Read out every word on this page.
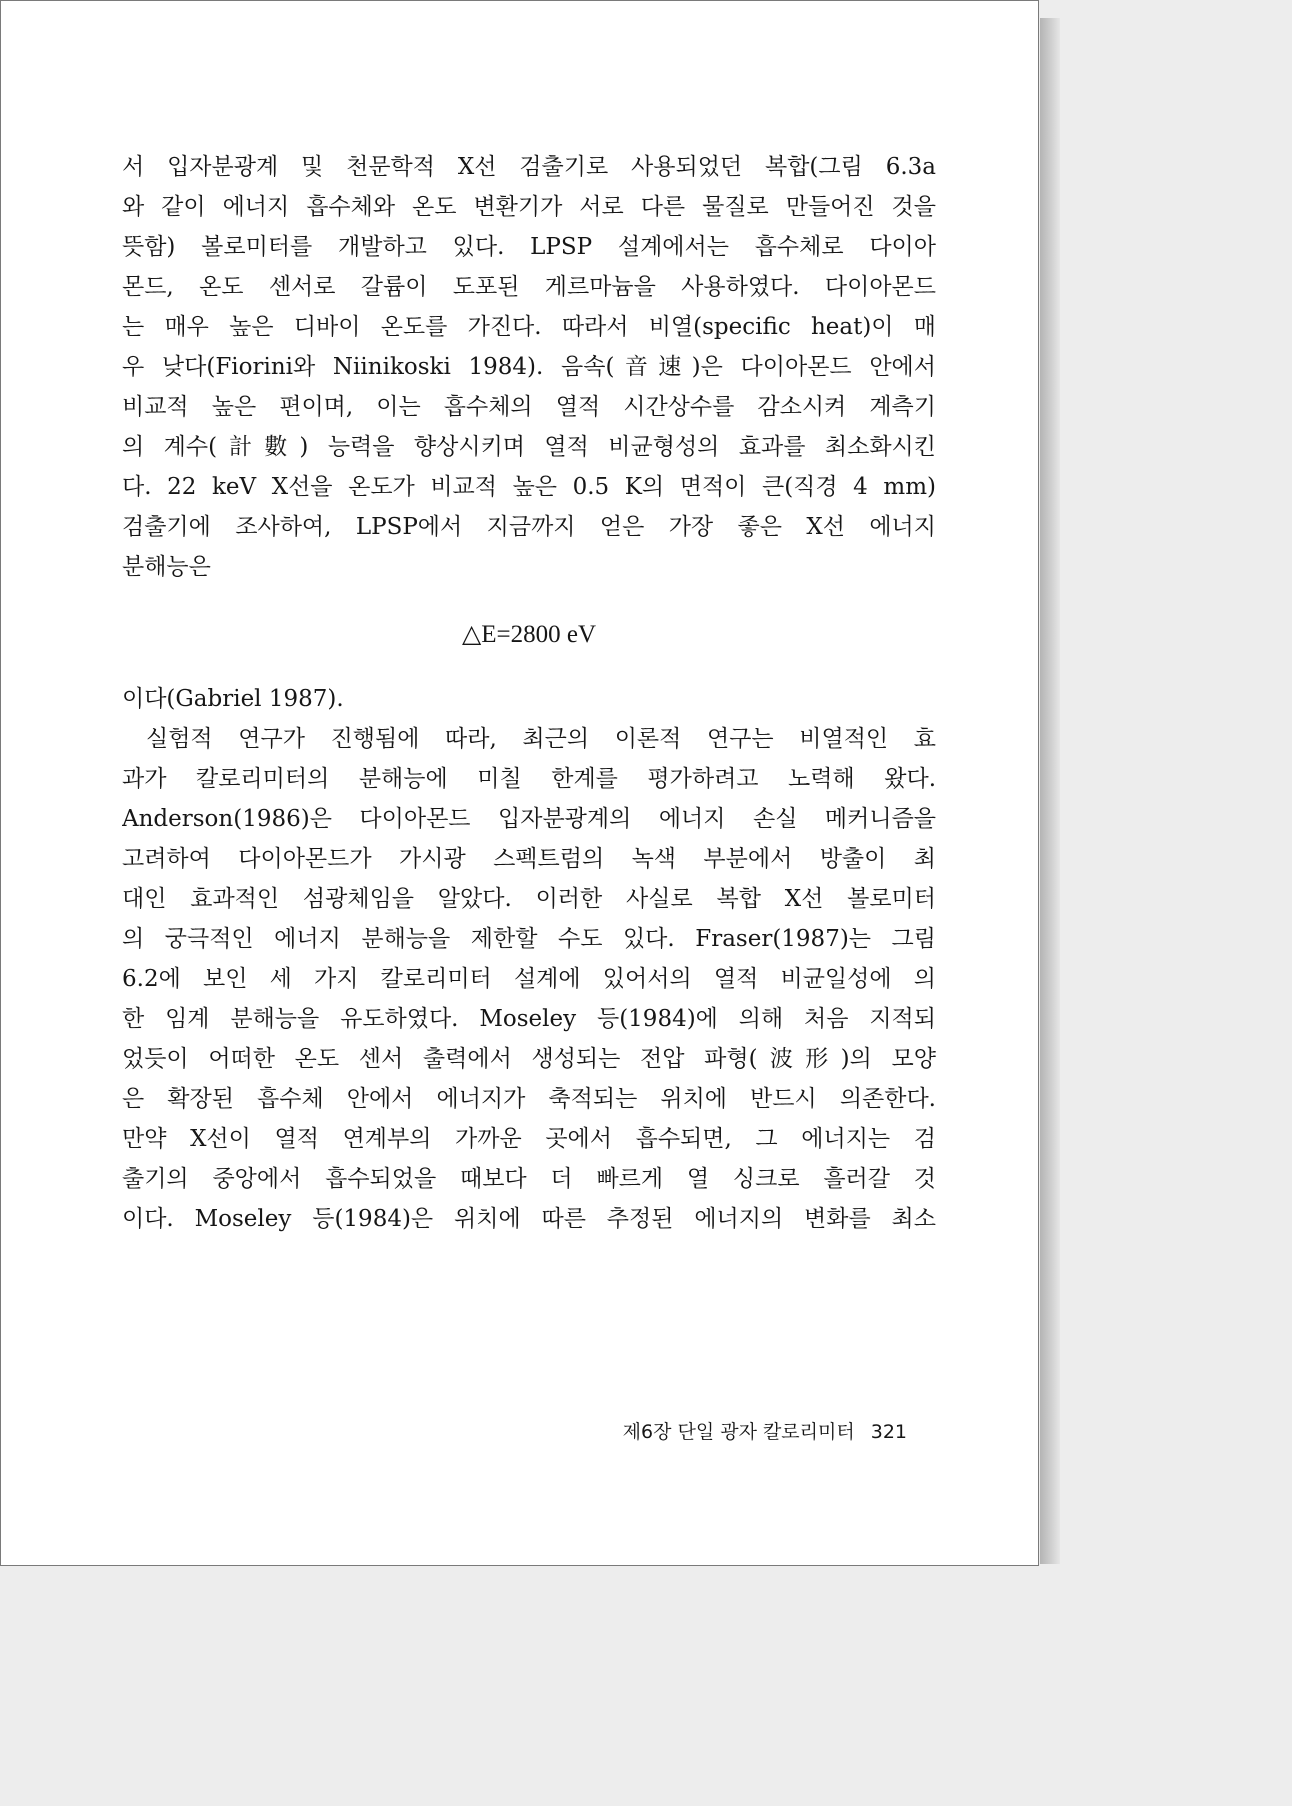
서 입자분광계 및 천문학적 X선 검출기로 사용되었던 복합(그림 6.3a
와 같이 에너지 흡수체와 온도 변환기가 서로 다른 물질로 만들어진 것을
뜻함) 볼로미터를 개발하고 있다. LPSP 설계에서는 흡수체로 다이아
몬드, 온도 센서로 갈륨이 도포된 게르마늄을 사용하였다. 다이아몬드
는 매우 높은 디바이 온도를 가진다. 따라서 비열(specific heat)이 매
우 낮다(Fiorini와 Niinikoski 1984). 음속(音速)은 다이아몬드 안에서
비교적 높은 편이며, 이는 흡수체의 열적 시간상수를 감소시켜 계측기
의 계수(計數) 능력을 향상시키며 열적 비균형성의 효과를 최소화시킨
다. 22 keV X선을 온도가 비교적 높은 0.5 K의 면적이 큰(직경 4 mm)
검출기에 조사하여, LPSP에서 지금까지 얻은 가장 좋은 X선 에너지
분해능은
△E=2800 eV
이다(Gabriel 1987).
실험적 연구가 진행됨에 따라, 최근의 이론적 연구는 비열적인 효
과가 칼로리미터의 분해능에 미칠 한계를 평가하려고 노력해 왔다.
Anderson(1986)은 다이아몬드 입자분광계의 에너지 손실 메커니즘을
고려하여 다이아몬드가 가시광 스펙트럼의 녹색 부분에서 방출이 최
대인 효과적인 섬광체임을 알았다. 이러한 사실로 복합 X선 볼로미터
의 궁극적인 에너지 분해능을 제한할 수도 있다. Fraser(1987)는 그림
6.2에 보인 세 가지 칼로리미터 설계에 있어서의 열적 비균일성에 의
한 임계 분해능을 유도하였다. Moseley 등(1984)에 의해 처음 지적되
었듯이 어떠한 온도 센서 출력에서 생성되는 전압 파형(波形)의 모양
은 확장된 흡수체 안에서 에너지가 축적되는 위치에 반드시 의존한다.
만약 X선이 열적 연계부의 가까운 곳에서 흡수되면, 그 에너지는 검
출기의 중앙에서 흡수되었을 때보다 더 빠르게 열 싱크로 흘러갈 것
이다. Moseley 등(1984)은 위치에 따른 추정된 에너지의 변화를 최소
제6장 단일 광자 칼로리미터 321
